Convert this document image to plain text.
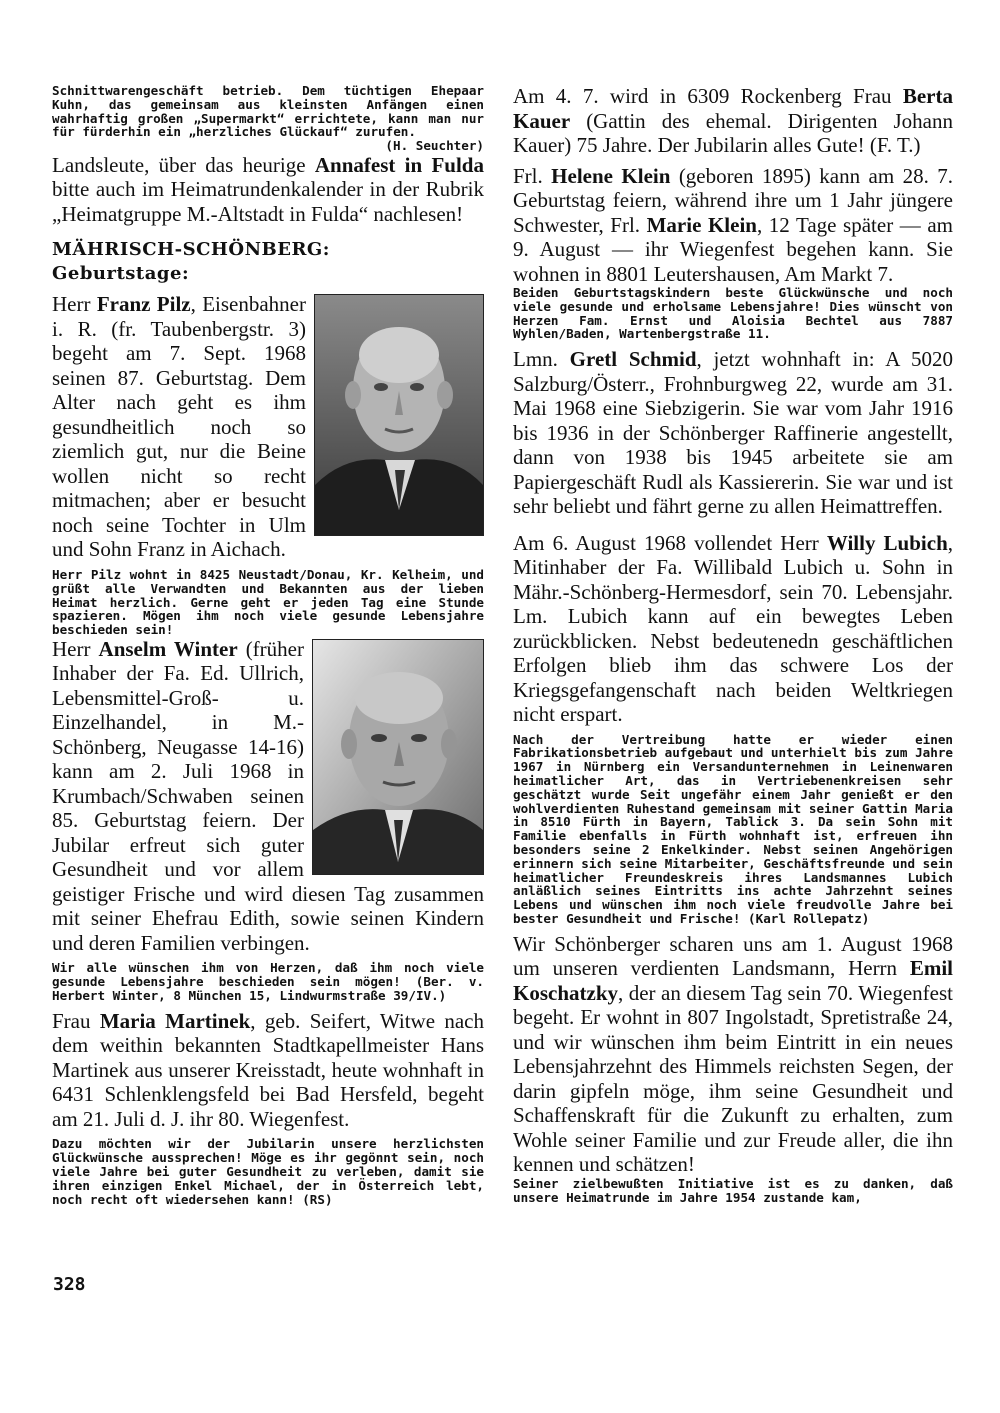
Schnittwarengeschäft betrieb. Dem tüchtigen Ehepaar Kuhn, das gemeinsam aus kleinsten Anfängen einen wahrhaftig großen „Supermarkt“ errichtete, kann man nur für fürderhin ein „herzliches Glückauf“ zurufen.

(H. Seuchter)

Landsleute, über das heurige Annafest in Fulda bitte auch im Heimatrundenkalender in der Rubrik „Heimatgruppe M.-Altstadt in Fulda“ nachlesen!

MÄHRISCH-SCHÖNBERG:
Geburtstage:

Herr Franz Pilz, Eisenbahner i. R. (fr. Taubenbergstr. 3) begeht am 7. Sept. 1968 seinen 87. Geburtstag. Dem Alter nach geht es ihm gesundheitlich noch so ziemlich gut, nur die Beine wollen nicht so recht mitmachen; aber er besucht noch seine Tochter in Ulm und Sohn Franz in Aichach.

Herr Pilz wohnt in 8425 Neustadt/Donau, Kr. Kelheim, und grüßt alle Verwandten und Bekannten aus der lieben Heimat herzlich. Gerne geht er jeden Tag eine Stunde spazieren. Mögen ihm noch viele gesunde Lebensjahre beschieden sein!

Herr Anselm Winter (früher Inhaber der Fa. Ed. Ullrich, Lebensmittel-Groß- u. Einzelhandel, in M.-Schönberg, Neugasse 14-16) kann am 2. Juli 1968 in Krumbach/Schwaben seinen 85. Geburtstag feiern. Der Jubilar erfreut sich guter Gesundheit und vor allem geistiger Frische und wird diesen Tag zusammen mit seiner Ehefrau Edith, sowie seinen Kindern und deren Familien verbingen.

Wir alle wünschen ihm von Herzen, daß ihm noch viele gesunde Lebensjahre beschieden sein mögen! (Ber. v. Herbert Winter, 8 München 15, Lindwurmstraße 39/IV.)

Frau Maria Martinek, geb. Seifert, Witwe nach dem weithin bekannten Stadtkapellmeister Hans Martinek aus unserer Kreisstadt, heute wohnhaft in 6431 Schlenklengsfeld bei Bad Hersfeld, begeht am 21. Juli d. J. ihr 80. Wiegenfest.

Dazu möchten wir der Jubilarin unsere herzlichsten Glückwünsche aussprechen! Möge es ihr gegönnt sein, noch viele Jahre bei guter Gesundheit zu verleben, damit sie ihren einzigen Enkel Michael, der in Österreich lebt, noch recht oft wiedersehen kann! (RS)

Am 4. 7. wird in 6309 Rockenberg Frau Berta Kauer (Gattin des ehemal. Dirigenten Johann Kauer) 75 Jahre. Der Jubilarin alles Gute! (F. T.)

Frl. Helene Klein (geboren 1895) kann am 28. 7. Geburtstag feiern, während ihre um 1 Jahr jüngere Schwester, Frl. Marie Klein, 12 Tage später — am 9. August — ihr Wiegenfest begehen kann. Sie wohnen in 8801 Leutershausen, Am Markt 7.

Beiden Geburtstagskindern beste Glückwünsche und noch viele gesunde und erholsame Lebensjahre! Dies wünscht von Herzen Fam. Ernst und Aloisia Bechtel aus 7887 Wyhlen/Baden, Wartenbergstraße 11.

Lmn. Gretl Schmid, jetzt wohnhaft in: A 5020 Salzburg/Österr., Frohnburgweg 22, wurde am 31. Mai 1968 eine Siebzigerin. Sie war vom Jahr 1916 bis 1936 in der Schönberger Raffinerie angestellt, dann von 1938 bis 1945 arbeitete sie am Papiergeschäft Rudl als Kassiererin. Sie war und ist sehr beliebt und fährt gerne zu allen Heimattreffen.

Am 6. August 1968 vollendet Herr Willy Lubich, Mitinhaber der Fa. Willibald Lubich u. Sohn in Mähr.-Schönberg-Hermesdorf, sein 70. Lebensjahr. Lm. Lubich kann auf ein bewegtes Leben zurückblicken. Nebst bedeutenedn geschäftlichen Erfolgen blieb ihm das schwere Los der Kriegsgefangenschaft nach beiden Weltkriegen nicht erspart.

Nach der Vertreibung hatte er wieder einen Fabrikationsbetrieb aufgebaut und unterhielt bis zum Jahre 1967 in Nürnberg ein Versandunternehmen in Leinenwaren heimatlicher Art, das in Vertriebenenkreisen sehr geschätzt wurde Seit ungefähr einem Jahr genießt er den wohlverdienten Ruhestand gemeinsam mit seiner Gattin Maria in 8510 Fürth in Bayern, Tablick 3. Da sein Sohn mit Familie ebenfalls in Fürth wohnhaft ist, erfreuen ihn besonders seine 2 Enkelkinder. Nebst seinen Angehörigen erinnern sich seine Mitarbeiter, Geschäftsfreunde und sein heimatlicher Freundeskreis ihres Landsmannes Lubich anläßlich seines Eintritts ins achte Jahrzehnt seines Lebens und wünschen ihm noch viele freudvolle Jahre bei bester Gesundheit und Frische! (Karl Rollepatz)

Wir Schönberger scharen uns am 1. August 1968 um unseren verdienten Landsmann, Herrn Emil Koschatzky, der an diesem Tag sein 70. Wiegenfest begeht. Er wohnt in 807 Ingolstadt, Spretistraße 24, und wir wünschen ihm beim Eintritt in ein neues Lebensjahrzehnt des Himmels reichsten Segen, der darin gipfeln möge, ihm seine Gesundheit und Schaffenskraft für die Zukunft zu erhalten, zum Wohle seiner Familie und zur Freude aller, die ihn kennen und schätzen!

Seiner zielbewußten Initiative ist es zu danken, daß unsere Heimatrunde im Jahre 1954 zustande kam,

328
